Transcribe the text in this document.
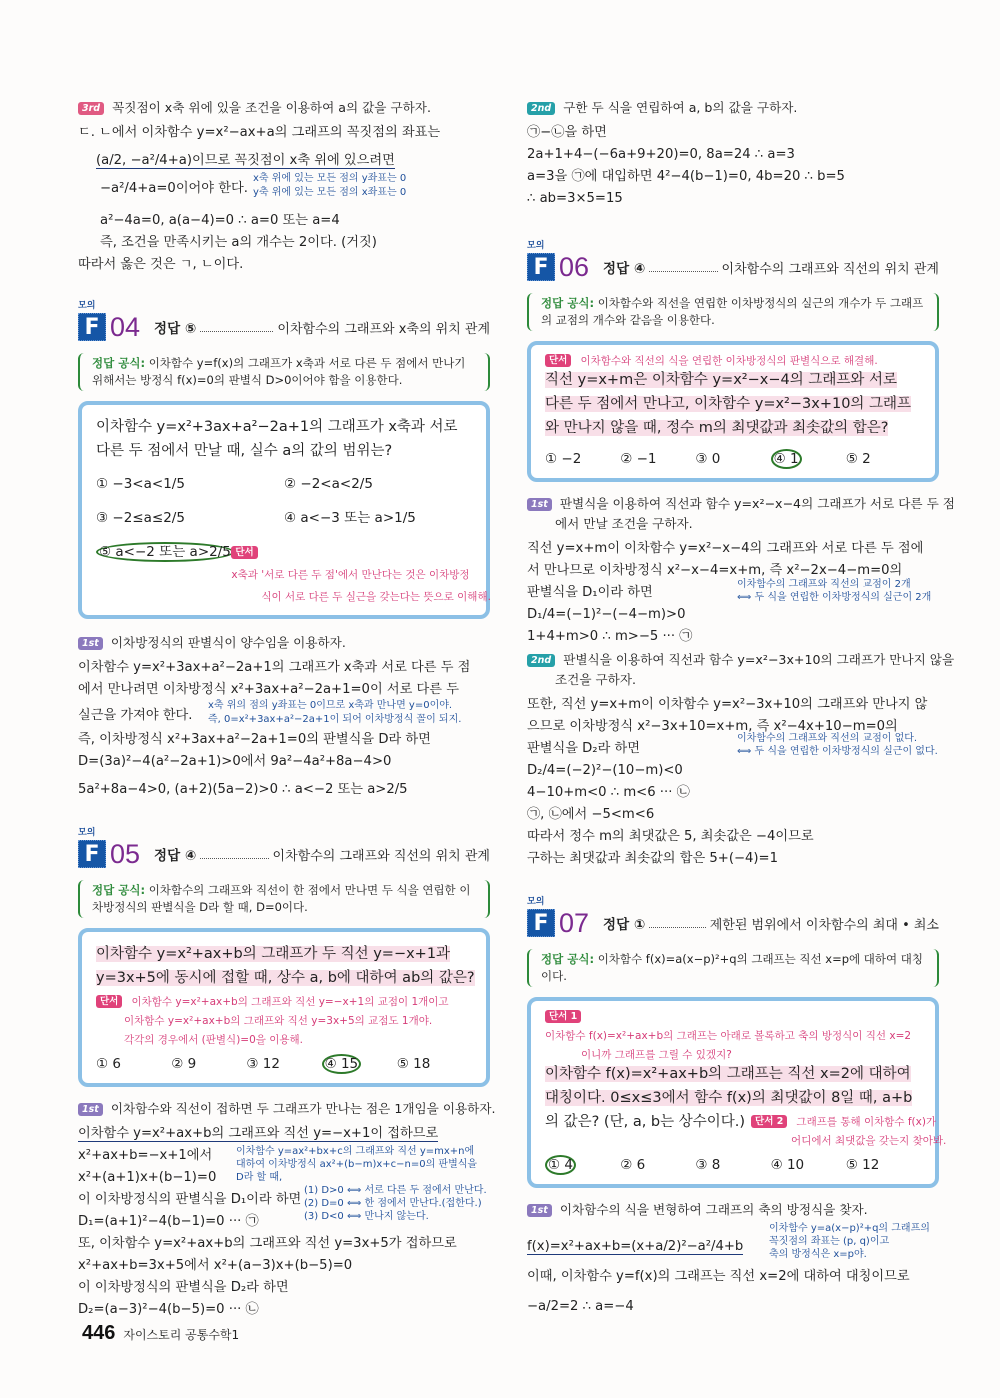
3rd 꼭짓점이 x축 위에 있을 조건을 이용하여 a의 값을 구하자.
ㄷ. ㄴ에서 이차함수 y=x²−ax+a의 그래프의 꼭짓점의 좌표는
(a/2, −a²/4+a)이므로 꼭짓점이 x축 위에 있으려면
x축 위에 있는 모든 점의 y좌표는 0
y축 위에 있는 모든 점의 x좌표는 0
−a²/4+a=0이어야 한다.
a²−4a=0, a(a−4)=0 ∴ a=0 또는 a=4
즉, 조건을 만족시키는 a의 개수는 2이다. (거짓)
따라서 옳은 것은 ㄱ, ㄴ이다.
모의
F 04 정답 ⑤	이차함수의 그래프와 x축의 위치 관계
정답 공식: 이차함수 y=f(x)의 그래프가 x축과 서로 다른 두 점에서 만나기 위해서는 방정식 f(x)=0의 판별식 D>0이어야 함을 이용한다.
이차함수 y=x²+3ax+a²−2a+1의 그래프가 x축과 서로
다른 두 점에서 만날 때, 실수 a의 값의 범위는?
① −3<a<1/5	② −2<a<2/5
③ −2≤a≤2/5	④ a<−3 또는 a>1/5
⑤ a<−2 또는 a>2/5 단서 x축과 '서로 다른 두 점'에서 만난다는 것은 이차방정
식이 서로 다른 두 실근을 갖는다는 뜻으로 이해해.
1st 이차방정식의 판별식이 양수임을 이용하자.
이차함수 y=x²+3ax+a²−2a+1의 그래프가 x축과 서로 다른 두 점
에서 만나려면 이차방정식 x²+3ax+a²−2a+1=0이 서로 다른 두
실근을 가져야 한다.
x축 위의 점의 y좌표는 0이므로 x축과 만나면 y=0이야.
즉, 0=x²+3ax+a²−2a+1이 되어 이차방정식 꼴이 되지.
즉, 이차방정식 x²+3ax+a²−2a+1=0의 판별식을 D라 하면
D=(3a)²−4(a²−2a+1)>0에서 9a²−4a²+8a−4>0
5a²+8a−4>0, (a+2)(5a−2)>0 ∴ a<−2 또는 a>2/5
모의
F 05 정답 ④	이차함수의 그래프와 직선의 위치 관계
정답 공식: 이차함수의 그래프와 직선이 한 점에서 만나면 두 식을 연립한 이차방정식의 판별식을 D라 할 때, D=0이다.
이차함수 y=x²+ax+b의 그래프가 두 직선 y=−x+1과
y=3x+5에 동시에 접할 때, 상수 a, b에 대하여 ab의 값은?
단서 이차함수 y=x²+ax+b의 그래프와 직선 y=−x+1의 교점이 1개이고
이차함수 y=x²+ax+b의 그래프와 직선 y=3x+5의 교점도 1개야.
각각의 경우에서 (판별식)=0을 이용해.
① 6	② 9	③ 12	④ 15	⑤ 18
1st 이차함수와 직선이 접하면 두 그래프가 만나는 점은 1개임을 이용하자.
이차함수 y=x²+ax+b의 그래프와 직선 y=−x+1이 접하므로
x²+ax+b=−x+1에서
x²+(a+1)x+(b−1)=0
이 이차방정식의 판별식을 D₁이라 하면
D₁=(a+1)²−4(b−1)=0 ··· ㉠
이차함수 y=ax²+bx+c의 그래프와 직선 y=mx+n에
대하여 이차방정식 ax²+(b−m)x+c−n=0의 판별식을
D라 할 때,
(1) D>0 ⟺ 서로 다른 두 점에서 만난다.
(2) D=0 ⟺ 한 점에서 만난다.(접한다.)
(3) D<0 ⟺ 만나지 않는다.
또, 이차함수 y=x²+ax+b의 그래프와 직선 y=3x+5가 접하므로
x²+ax+b=3x+5에서 x²+(a−3)x+(b−5)=0
이 이차방정식의 판별식을 D₂라 하면
D₂=(a−3)²−4(b−5)=0 ··· ㉡
2nd 구한 두 식을 연립하여 a, b의 값을 구하자.
㉠−㉡을 하면
2a+1+4−(−6a+9+20)=0, 8a=24 ∴ a=3
a=3을 ㉠에 대입하면 4²−4(b−1)=0, 4b=20 ∴ b=5
∴ ab=3×5=15
모의
F 06 정답 ④	이차함수의 그래프와 직선의 위치 관계
정답 공식: 이차함수와 직선을 연립한 이차방정식의 실근의 개수가 두 그래프의 교점의 개수와 같음을 이용한다.
단서 이차함수와 직선의 식을 연립한 이차방정식의 판별식으로 해결해.
직선 y=x+m은 이차함수 y=x²−x−4의 그래프와 서로
다른 두 점에서 만나고, 이차함수 y=x²−3x+10의 그래프
와 만나지 않을 때, 정수 m의 최댓값과 최솟값의 합은?
① −2	② −1	③ 0	④ 1	⑤ 2
1st 판별식을 이용하여 직선과 함수 y=x²−x−4의 그래프가 서로 다른 두 점
에서 만날 조건을 구하자.
직선 y=x+m이 이차함수 y=x²−x−4의 그래프와 서로 다른 두 점에
서 만나므로 이차방정식 x²−x−4=x+m, 즉 x²−2x−4−m=0의
판별식을 D₁이라 하면
이차함수의 그래프와 직선의 교점이 2개
⟺ 두 식을 연립한 이차방정식의 실근이 2개
D₁/4=(−1)²−(−4−m)>0
1+4+m>0 ∴ m>−5 ··· ㉠
2nd 판별식을 이용하여 직선과 함수 y=x²−3x+10의 그래프가 만나지 않을
조건을 구하자.
또한, 직선 y=x+m이 이차함수 y=x²−3x+10의 그래프와 만나지 않
으므로 이차방정식 x²−3x+10=x+m, 즉 x²−4x+10−m=0의
판별식을 D₂라 하면
이차함수의 그래프와 직선의 교점이 없다.
⟺ 두 식을 연립한 이차방정식의 실근이 없다.
D₂/4=(−2)²−(10−m)<0
4−10+m<0 ∴ m<6 ··· ㉡
㉠, ㉡에서 −5<m<6
따라서 정수 m의 최댓값은 5, 최솟값은 −4이므로
구하는 최댓값과 최솟값의 합은 5+(−4)=1
모의
F 07 정답 ①	제한된 범위에서 이차함수의 최대 • 최소
정답 공식: 이차함수 f(x)=a(x−p)²+q의 그래프는 직선 x=p에 대하여 대칭이다.
단서 1 이차함수 f(x)=x²+ax+b의 그래프는 아래로 볼록하고 축의 방정식이 직선 x=2
이니까 그래프를 그릴 수 있겠지?
이차함수 f(x)=x²+ax+b의 그래프는 직선 x=2에 대하여
대칭이다. 0≤x≤3에서 함수 f(x)의 최댓값이 8일 때, a+b
의 값은? (단, a, b는 상수이다.)	단서 2 그래프를 통해 이차함수 f(x)가
어디에서 최댓값을 갖는지 찾아봐.
① 4	② 6	③ 8	④ 10	⑤ 12
1st 이차함수의 식을 변형하여 그래프의 축의 방정식을 찾자.
f(x)=x²+ax+b=(x+a/2)²−a²/4+b
이차함수 y=a(x−p)²+q의 그래프의
꼭짓점의 좌표는 (p, q)이고
축의 방정식은 x=p야.
이때, 이차함수 y=f(x)의 그래프는 직선 x=2에 대하여 대칭이므로
−a/2=2 ∴ a=−4
446 자이스토리 공통수학1
